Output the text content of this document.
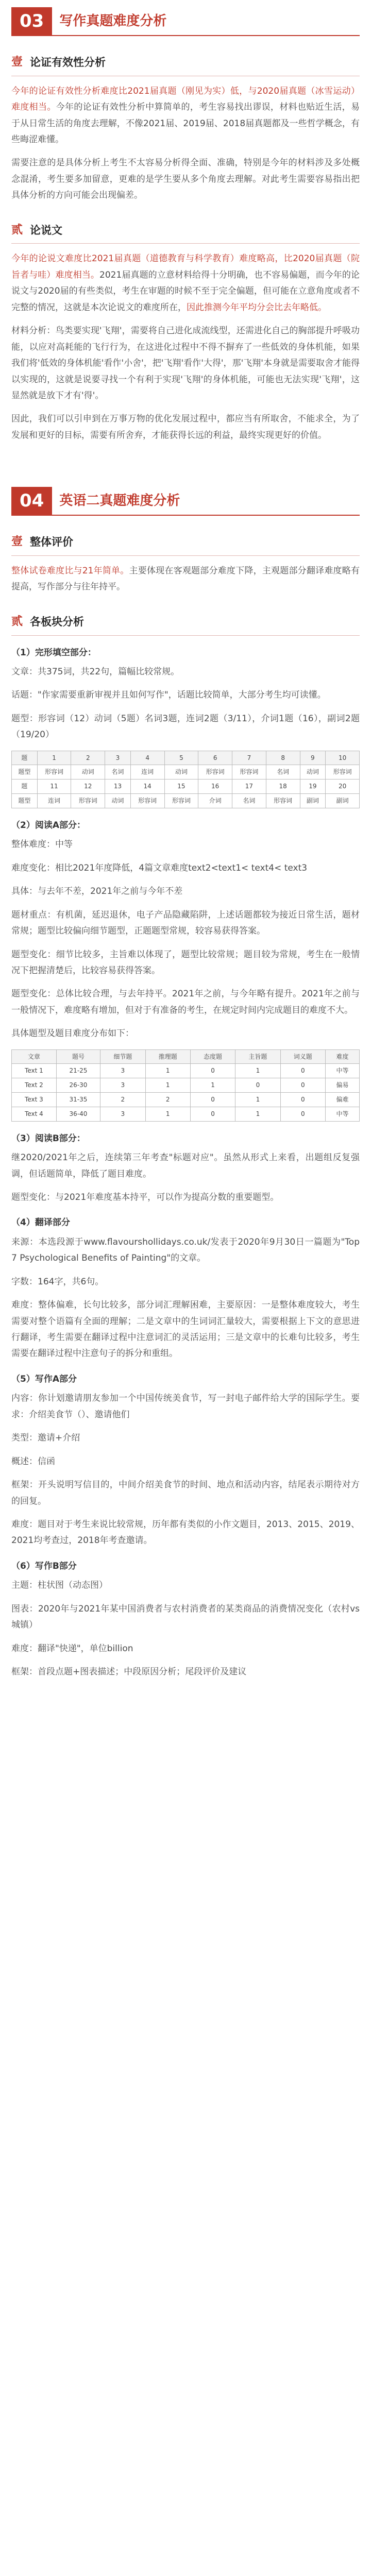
03	写作真题难度分析
壹 论证有效性分析

今年的论证有效性分析难度比2021届真题（刚见为实）低，与2020届真题（冰雪运动）难度相当。今年的论证有效性分析中算简单的，考生容易找出谬误，材料也贴近生活，易于从日常生活的角度去理解，不像2021届、2019届、2018届真题都及一些哲学概念，有些晦涩难懂。

需要注意的是具体分析上考生不太容易分析得全面、准确，特别是今年的材料涉及多处概念混淆，考生要多加留意，更难的是学生要从多个角度去理解。对此考生需要容易指出把具体分析的方向可能会出现偏差。

贰 论说文

今年的论说文难度比2021届真题（道德教育与科学教育）难度略高，比2020届真题（院旨者与哇）难度相当。2021届真题的立意材料给得十分明确，也不容易偏题，而今年的论说文与2020届的有些类似，考生在审题的时候不至于完全偏题，但可能在立意角度或者不完整的情况，这就是本次论说文的难度所在，因此推测今年平均分会比去年略低。

材料分析：鸟类要实现'飞翔'，需要将自己进化成流线型，还需进化自己的胸部提升呼吸功能，以应对高耗能的飞行行为，在这进化过程中不得不摒弃了一些低效的身体机能，如果我们将'低效的身体机能'看作'小舍'，把'飞翔'看作'大得'，那'飞翔'本身就是需要取舍才能得以实现的，这就是说要寻找一个有利于实现'飞翔'的身体机能，可能也无法实现'飞翔'，这显然就是放下才有'得'。

因此，我们可以引申到在万事万物的优化发展过程中，都应当有所取舍，不能求全，为了发展和更好的目标，需要有所舍弃，才能获得长远的利益，最终实现更好的价值。

04	英语二真题难度分析
壹 整体评价

整体试卷难度比与21年简单。主要体现在客观题部分难度下降，主观题部分翻译难度略有提高，写作部分与往年持平。

贰 各板块分析
（1）完形填空部分：

文章：共375词，共22句，篇幅比较常规。

话题："作家需要重新审视并且如何写作"，话题比较简单，大部分考生均可读懂。

题型：形容词（12）动词（5题）名词3题，连词2题（3/11），介词1题（16），副词2题（19/20）

题	1	2	3	4	5	6	7	8	9	10
题型	形容词	动词	名词	连词	动词	形容词	形容词	名词	动词	形容词
题	11	12	13	14	15	16	17	18	19	20
题型	连词	形容词	动词	形容词	形容词	介词	名词	形容词	副词	副词
（2）阅读A部分：

整体难度：中等

难度变化：相比2021年度降低，4篇文章难度text2<text1< text4< text3

具体：与去年不差，2021年之前与今年不差

题材重点：有机菌，延迟退休，电子产品隐藏陷阱，上述话题都较为接近日常生活，题材常规；题型比较偏向细节题型，正题题型常规，较容易获得答案。

题型变化：细节比较多，主旨难以体现了，题型比较常规；题目较为常规，考生在一般情况下把握清楚后，比较容易获得答案。

题型变化：总体比较合理，与去年持平。2021年之前，与今年略有提升。2021年之前与一般情况下，难度略有增加，但对于有准备的考生，在规定时间内完成题目的难度不大。

具体题型及题目难度分布如下：

文章	题号	细节题	推理题	态度题	主旨题	词义题	难度
Text 1	21-25	3	1	0	1	0	中等
Text 2	26-30	3	1	1	0	0	偏易
Text 3	31-35	2	2	0	1	0	偏难
Text 4	36-40	3	1	0	1	0	中等
（3）阅读B部分：

继2020/2021年之后，连续第三年考查"标题对应"。虽然从形式上来看，出题组反复强调，但话题简单，降低了题目难度。

题型变化：与2021年难度基本持平，可以作为提高分数的重要题型。

（4）翻译部分

来源：本选段源于www.flavourshollidays.co.uk/发表于2020年9月30日一篇题为"Top 7 Psychological Benefits of Painting"的文章。

字数：164字，共6句。

难度：整体偏难，长句比较多，部分词汇理解困难，主要原因：一是整体难度较大，考生需要对整个语篇有全面的理解；二是文章中的生词词汇量较大，需要根据上下文的意思进行翻译，考生需要在翻译过程中注意词汇的灵活运用；三是文章中的长难句比较多，考生需要在翻译过程中注意句子的拆分和重组。

（5）写作A部分

内容：你计划邀请朋友参加一个中国传统美食节，写一封电子邮件给大学的国际学生。要求：介绍美食节（）、邀请他们

类型：邀请+介绍

概述：信函

框架：开头说明写信目的，中间介绍美食节的时间、地点和活动内容，结尾表示期待对方的回复。

难度：题目对于考生来说比较常规，历年都有类似的小作文题目，2013、2015、2019、2021均考查过，2018年考查邀请。

（6）写作B部分

主题：柱状图（动态图）

图表：2020年与2021年某中国消费者与农村消费者的某类商品的消费情况变化（农村vs城镇）

难度：翻译"快递"，单位billion

框架：首段点题+图表描述；中段原因分析；尾段评价及建议
